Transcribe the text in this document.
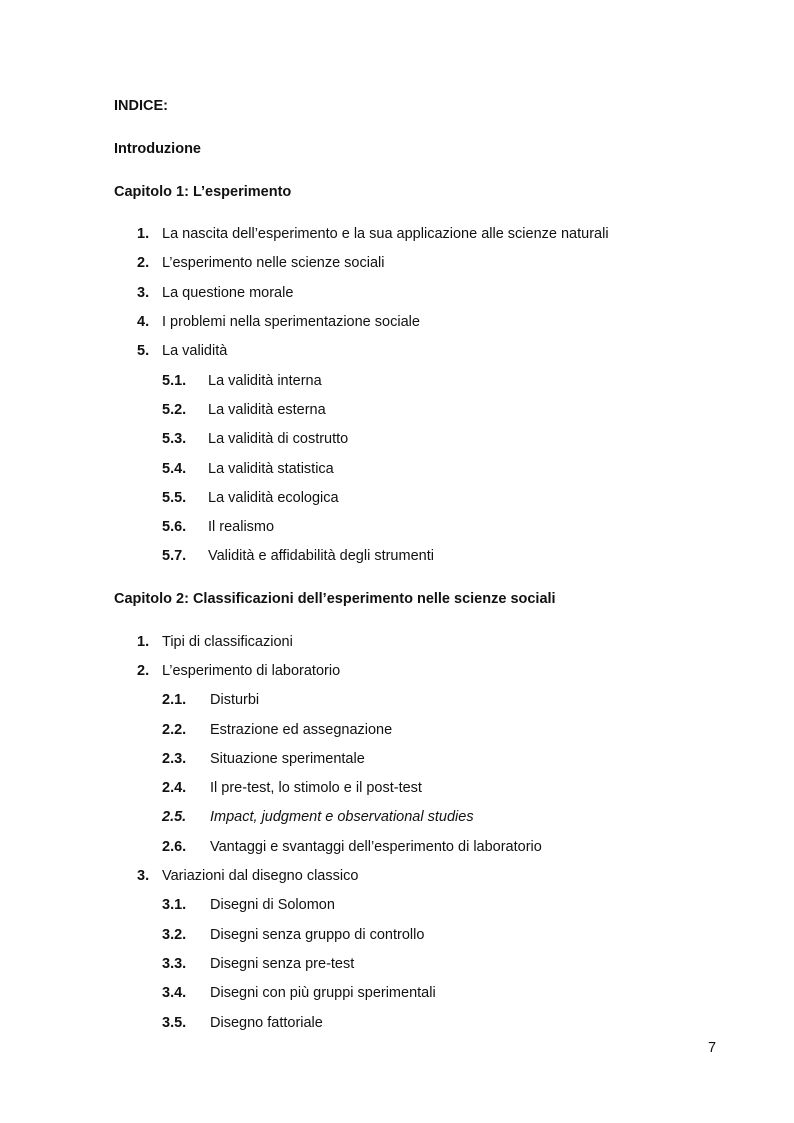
INDICE:
Introduzione
Capitolo 1: L’esperimento
1. La nascita dell’esperimento e la sua applicazione alle scienze naturali
2. L’esperimento nelle scienze sociali
3. La questione morale
4. I problemi nella sperimentazione sociale
5. La validità
5.1. La validità interna
5.2. La validità esterna
5.3. La validità di costrutto
5.4. La validità statistica
5.5. La validità ecologica
5.6. Il realismo
5.7. Validità e affidabilità degli strumenti
Capitolo 2: Classificazioni dell’esperimento nelle scienze sociali
1. Tipi di classificazioni
2. L’esperimento di laboratorio
2.1. Disturbi
2.2. Estrazione ed assegnazione
2.3. Situazione sperimentale
2.4. Il pre-test, lo stimolo e il post-test
2.5. Impact, judgment e observational studies
2.6. Vantaggi e svantaggi dell’esperimento di laboratorio
3. Variazioni dal disegno classico
3.1. Disegni di Solomon
3.2. Disegni senza gruppo di controllo
3.3. Disegni senza pre-test
3.4. Disegni con più gruppi sperimentali
3.5. Disegno fattoriale
7
